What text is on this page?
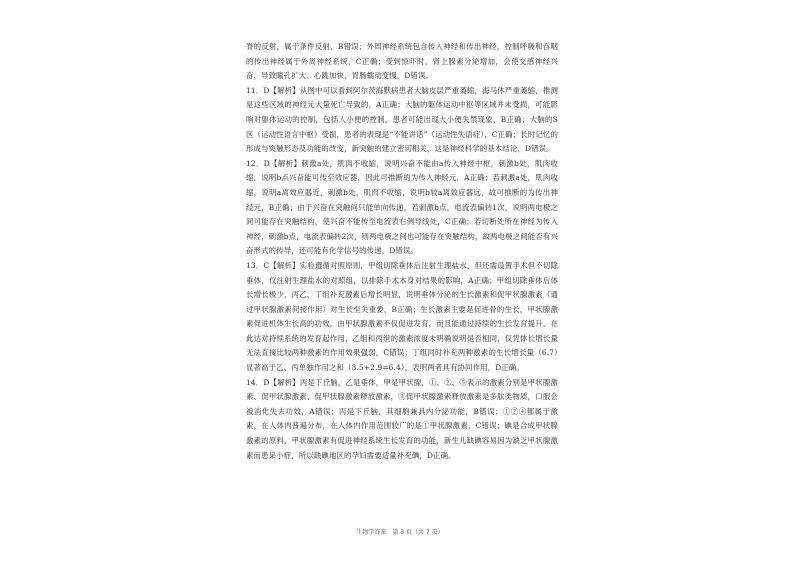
脊的反射，属于条件反射，B错误；外周神经系统包含传入神经和传出神经，控制呼吸和吞咽的传出神经属于外周神经系统，C正确；受到惊吓时，肾上腺素分泌增加，会使交感神经兴奋，导致瞳孔扩大、心跳加快、胃肠蠕动变慢，D错误。

11．D【解析】从图中可以看到阿尔茨海默病患者大脑皮层严重萎缩，海马体严重萎缩，推测是这些区域的神经元大量死亡导致的，A正确；大脑的躯体运动中枢等区域并未受损，可能影响对躯体运动的控制，包括人小便的控制，患者可能出现大小便失禁现象，B正确；大脑的S区（运动性语言中枢）受损，患者的表现是“不能讲话”（运动性失语症），C正确；长时记忆的形成与突触形态及功能的改变，新突触的建立密切相关，这是神经科学的基本结论，D错误。

12．D【解析】刺激a处，肌肉不收缩，说明兴奋不能由a传入神经中枢，刺激b处，肌肉收缩，说明b点兴奋能可传至效应器，因此可推断的为传入神经元，A正确；若刺激a处，肌肉收缩，说明a离效应器近，刺激b处，肌肉不收缩，说明b较a离效应器远，故可推断的为传出神经元，B正确；由于兴奋在突触间只能单向传递，若刺激b点，电流表偏转1次，说明两电极之间可能存在突触结构，使兴奋不能传至电流表右侧导线处，C正确；若切断处所在神经为传入神经，刺激b点，电流表偏转2次，则两电极之间也可能存在突触结构，故两电极之间能否有兴奋形式的传导，还可能有化学信号的传递，D错误。

13．C【解析】实验遵循对照原则，甲组切除垂体后注射生理盐水，但还需设置手术但不切除垂体，仅注射生理盐水的对照组，以排除手术本身对结果的影响，A正确；甲组切除垂体后体长增长极少，丙乙、丁组补充激素后增长明显，说明垂体分泌的生长激素和促甲状腺激素（通过甲状腺激素间接作用）对生长至关重要，B正确；生长激素主要是促进骨的生长，甲状腺激素促进机体生长高的功效，由甲状腺激素不仅促进发育，而且能通过持续的生长发育提升，在此达对持续系统的发育起作用，乙组和丙组的激素浓度未明确说明是否相同，仅凭体长增长量无法直接比较两种激素的作用效果强弱，C错误；丁组同时补充两种激素的生长增长量（6.7）显著高于乙、丙单独作用之和（3.5+2.9=6.4），表明两者具有协同作用，D正确。

14．D【解析】丙是下丘脑，乙是垂体，甲是甲状腺，①、②、⑤表示的激素分别是甲状腺激素、促甲状腺激素、促甲状腺激素释放激素，③促甲状腺激素释放激素是多肽类物质，口服会被消化失去功效，A错误；丙是下丘脑，其细胞兼具内分泌功能，B错误；①②④都属于激素，在人体内普遍分布，在人体内作用范围较广的是①甲状腺激素，C错误；碘是合成甲状腺激素的原料，甲状腺激素有促进神经系统生长发育的功能，新生儿缺碘容易因为缺乏甲状腺激素而患呆小症，所以缺碘地区的孕妇需要适量补充碘，D正确。

生物学答案　第 3 页（共 7 页）
